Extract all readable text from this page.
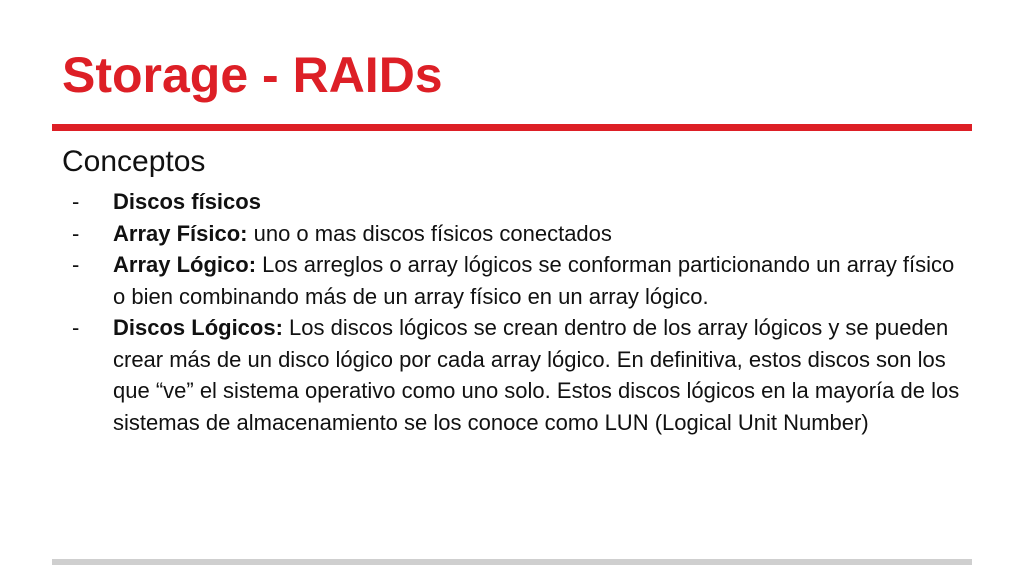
Storage - RAIDs
Conceptos
-	Discos físicos
-	Array Físico: uno o mas discos físicos conectados
-	Array Lógico: Los arreglos o array lógicos se conforman particionando un array físico o bien combinando más de un array físico en un array lógico.
-	Discos Lógicos: Los discos lógicos se crean dentro de los array lógicos y se pueden crear más de un disco lógico por cada array lógico. En definitiva, estos discos son los que “ve” el sistema operativo como uno solo. Estos discos lógicos en la mayoría de los sistemas de almacenamiento se los conoce como LUN (Logical Unit Number)
